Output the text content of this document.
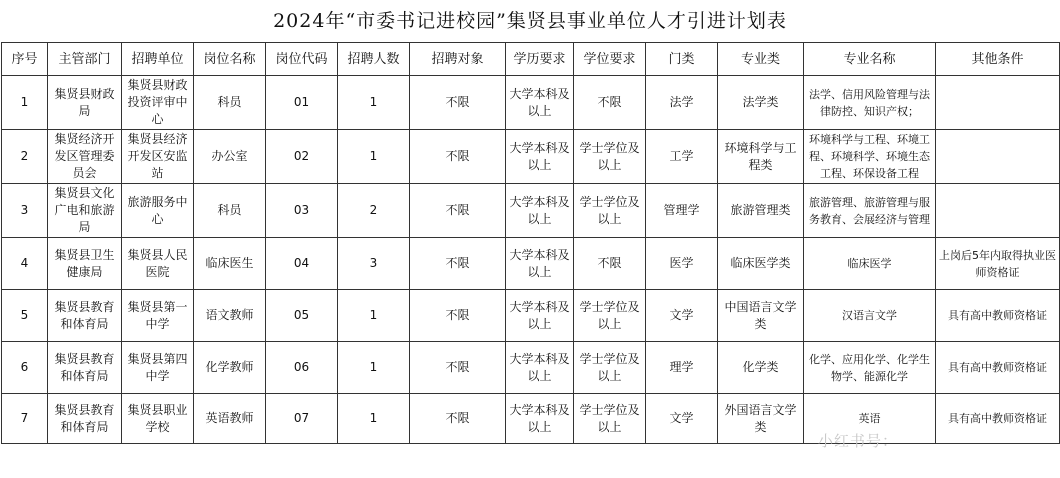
2024年“市委书记进校园”集贤县事业单位人才引进计划表
序号	主管部门	招聘单位	岗位名称	岗位代码	招聘人数	招聘对象	学历要求	学位要求	门类	专业类	专业名称	其他条件
1	集贤县财政局	集贤县财政投资评审中心	科员	01	1	不限	大学本科及以上	不限	法学	法学类	法学、信用风险管理与法律防控、知识产权；	
2	集贤经济开发区管理委员会	集贤县经济开发区安监站	办公室	02	1	不限	大学本科及以上	学士学位及以上	工学	环境科学与工程类	环境科学与工程、环境工程、环境科学、环境生态工程、环保设备工程	
3	集贤县文化广电和旅游局	旅游服务中心	科员	03	2	不限	大学本科及以上	学士学位及以上	管理学	旅游管理类	旅游管理、旅游管理与服务教育、会展经济与管理	
4	集贤县卫生健康局	集贤县人民医院	临床医生	04	3	不限	大学本科及以上	不限	医学	临床医学类	临床医学	上岗后5年内取得执业医师资格证
5	集贤县教育和体育局	集贤县第一中学	语文教师	05	1	不限	大学本科及以上	学士学位及以上	文学	中国语言文学类	汉语言文学	具有高中教师资格证
6	集贤县教育和体育局	集贤县第四中学	化学教师	06	1	不限	大学本科及以上	学士学位及以上	理学	化学类	化学、应用化学、化学生物学、能源化学	具有高中教师资格证
7	集贤县教育和体育局	集贤县职业学校	英语教师	07	1	不限	大学本科及以上	学士学位及以上	文学	外国语言文学类	英语	具有高中教师资格证
小红书号：
